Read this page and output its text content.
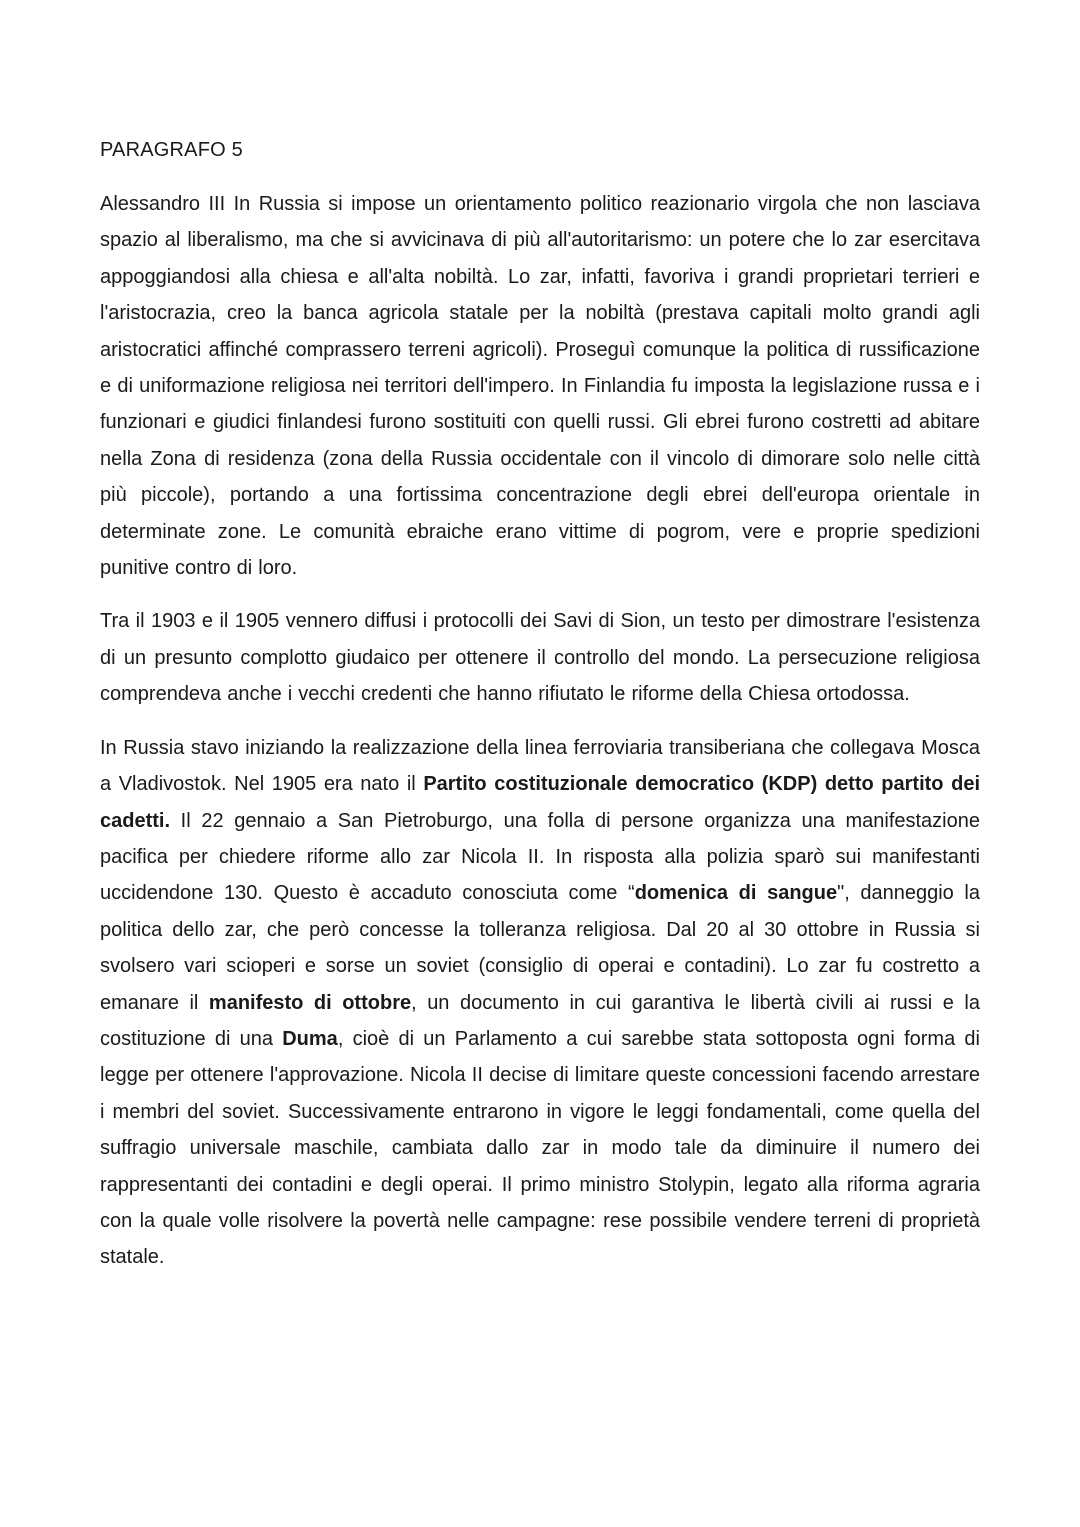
PARAGRAFO 5

Alessandro III In Russia si impose un orientamento politico reazionario virgola che non lasciava spazio al liberalismo, ma che si avvicinava di più all'autoritarismo: un potere che lo zar esercitava appoggiandosi alla chiesa e all'alta nobiltà. Lo zar, infatti, favoriva i grandi proprietari terrieri e l'aristocrazia, creo la banca agricola statale per la nobiltà (prestava capitali molto grandi agli aristocratici affinché comprassero terreni agricoli). Proseguì comunque la politica di russificazione e di uniformazione religiosa nei territori dell'impero. In Finlandia fu imposta la legislazione russa e i funzionari e giudici finlandesi furono sostituiti con quelli russi. Gli ebrei furono costretti ad abitare nella Zona di residenza (zona della Russia occidentale con il vincolo di dimorare solo nelle città più piccole), portando a una fortissima concentrazione degli ebrei dell'europa orientale in determinate zone. Le comunità ebraiche erano vittime di pogrom, vere e proprie spedizioni punitive contro di loro.

Tra il 1903 e il 1905 vennero diffusi i protocolli dei Savi di Sion, un testo per dimostrare l'esistenza di un presunto complotto giudaico per ottenere il controllo del mondo. La persecuzione religiosa comprendeva anche i vecchi credenti che hanno rifiutato le riforme della Chiesa ortodossa.

In Russia stavo iniziando la realizzazione della linea ferroviaria transiberiana che collegava Mosca a Vladivostok. Nel 1905 era nato il Partito costituzionale democratico (KDP) detto partito dei cadetti. Il 22 gennaio a San Pietroburgo, una folla di persone organizza una manifestazione pacifica per chiedere riforme allo zar Nicola II. In risposta alla polizia sparò sui manifestanti uccidendone 130. Questo è accaduto conosciuta come “domenica di sangue", danneggio la politica dello zar, che però concesse la tolleranza religiosa. Dal 20 al 30 ottobre in Russia si svolsero vari scioperi e sorse un soviet (consiglio di operai e contadini). Lo zar fu costretto a emanare il manifesto di ottobre, un documento in cui garantiva le libertà civili ai russi e la costituzione di una Duma, cioè di un Parlamento a cui sarebbe stata sottoposta ogni forma di legge per ottenere l'approvazione. Nicola II decise di limitare queste concessioni facendo arrestare i membri del soviet. Successivamente entrarono in vigore le leggi fondamentali, come quella del suffragio universale maschile, cambiata dallo zar in modo tale da diminuire il numero dei rappresentanti dei contadini e degli operai. Il primo ministro Stolypin, legato alla riforma agraria con la quale volle risolvere la povertà nelle campagne: rese possibile vendere terreni di proprietà statale.
